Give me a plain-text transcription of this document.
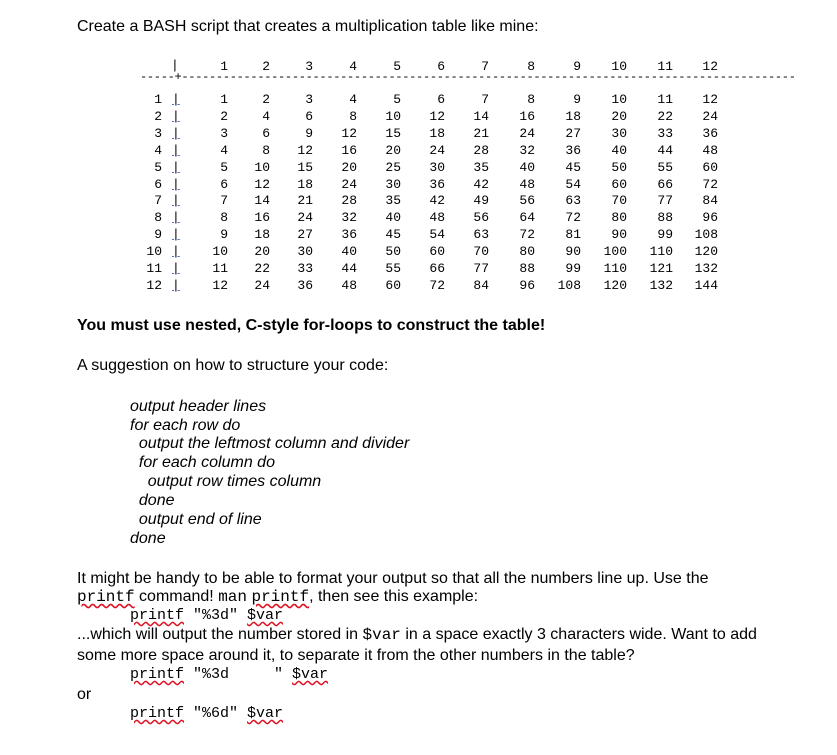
Create a BASH script that creates a multiplication table like mine:
|	1	2	3	4	5	6	7	8	9	10	11	12
-----+-----------------------------------------------------------------------------------------
1 |	1	2	3	4	5	6	7	8	9	10	11	12
2 |	2	4	6	8	10	12	14	16	18	20	22	24
3 |	3	6	9	12	15	18	21	24	27	30	33	36
4 |	4	8	12	16	20	24	28	32	36	40	44	48
5 |	5	10	15	20	25	30	35	40	45	50	55	60
6 |	6	12	18	24	30	36	42	48	54	60	66	72
7 |	7	14	21	28	35	42	49	56	63	70	77	84
8 |	8	16	24	32	40	48	56	64	72	80	88	96
9 |	9	18	27	36	45	54	63	72	81	90	99	108
10 |	10	20	30	40	50	60	70	80	90	100	110	120
11 |	11	22	33	44	55	66	77	88	99	110	121	132
12 |	12	24	36	48	60	72	84	96	108	120	132	144
You must use nested, C-style for-loops to construct the table!
A suggestion on how to structure your code:
output header lines
for each row do
output the leftmost column and divider
for each column do
output row times column
done
output end of line
done
It might be handy to be able to format your output so that all the numbers line up. Use the
printf command! man printf, then see this example:
printf "%3d" $var
...which will output the number stored in $var in a space exactly 3 characters wide. Want to add
some more space around it, to separate it from the other numbers in the table?
printf "%3d     " $var
or
printf "%6d" $var
